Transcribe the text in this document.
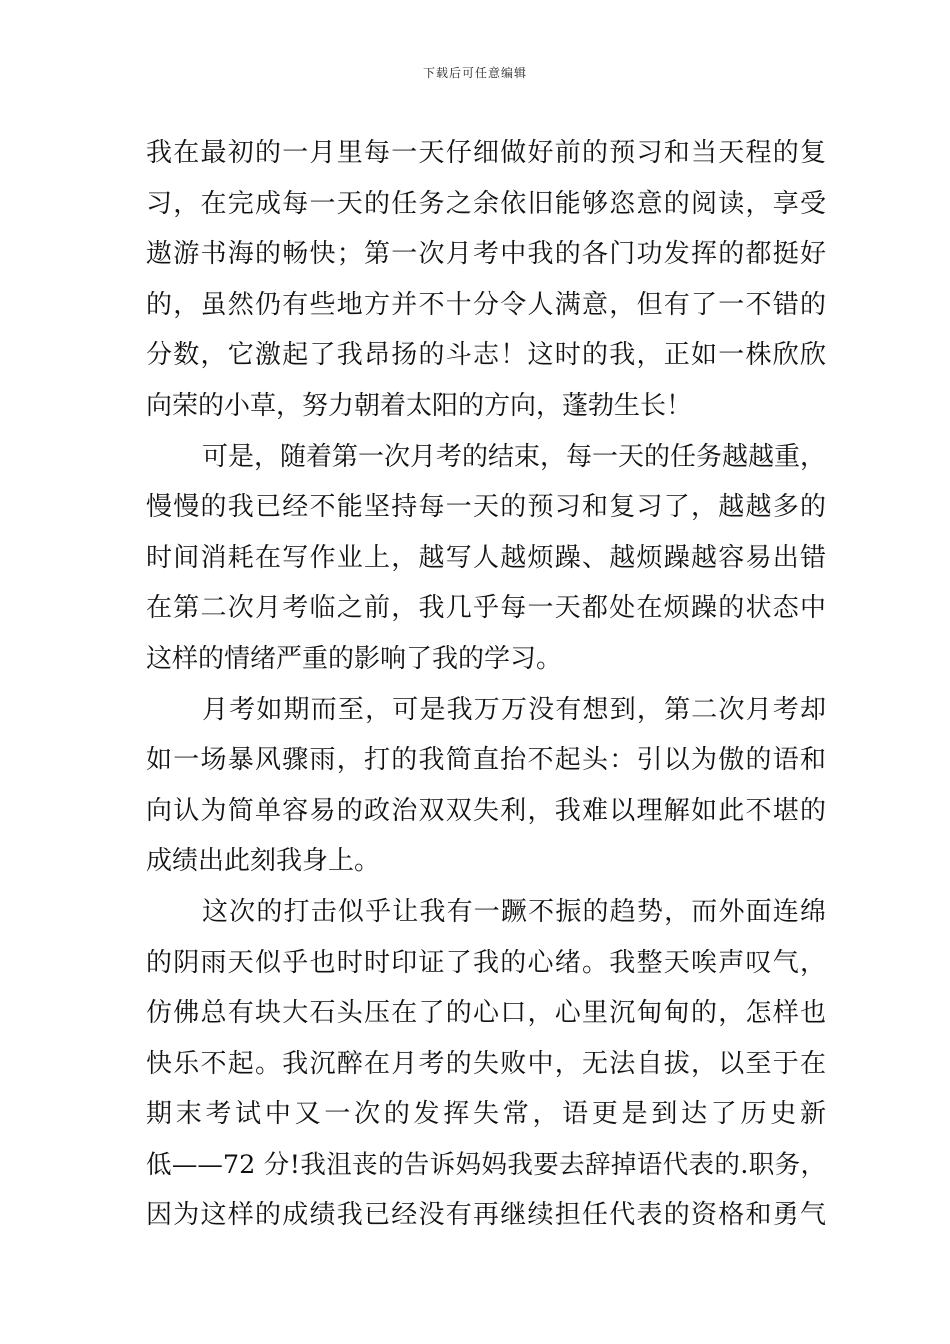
下载后可任意编辑
我在最初的一月里每一天仔细做好前的预习和当天程的复
习，在完成每一天的任务之余依旧能够恣意的阅读，享受
遨游书海的畅快；第一次月考中我的各门功发挥的都挺好
的，虽然仍有些地方并不十分令人满意，但有了一不错的
分数，它激起了我昂扬的斗志！这时的我，正如一株欣欣
向荣的小草，努力朝着太阳的方向，蓬勃生长！
可是，随着第一次月考的结束，每一天的任务越越重，
慢慢的我已经不能坚持每一天的预习和复习了，越越多的
时间消耗在写作业上，越写人越烦躁、越烦躁越容易出错
在第二次月考临之前，我几乎每一天都处在烦躁的状态中
这样的情绪严重的影响了我的学习。
月考如期而至，可是我万万没有想到，第二次月考却
如一场暴风骤雨，打的我简直抬不起头：引以为傲的语和
向认为简单容易的政治双双失利，我难以理解如此不堪的
成绩出此刻我身上。
这次的打击似乎让我有一蹶不振的趋势，而外面连绵
的阴雨天似乎也时时印证了我的心绪。我整天唉声叹气，
仿佛总有块大石头压在了的心口，心里沉甸甸的，怎样也
快乐不起。我沉醉在月考的失败中，无法自拔，以至于在
期末考试中又一次的发挥失常，语更是到达了历史新
低——72 分!我沮丧的告诉妈妈我要去辞掉语代表的.职务，
因为这样的成绩我已经没有再继续担任代表的资格和勇气
